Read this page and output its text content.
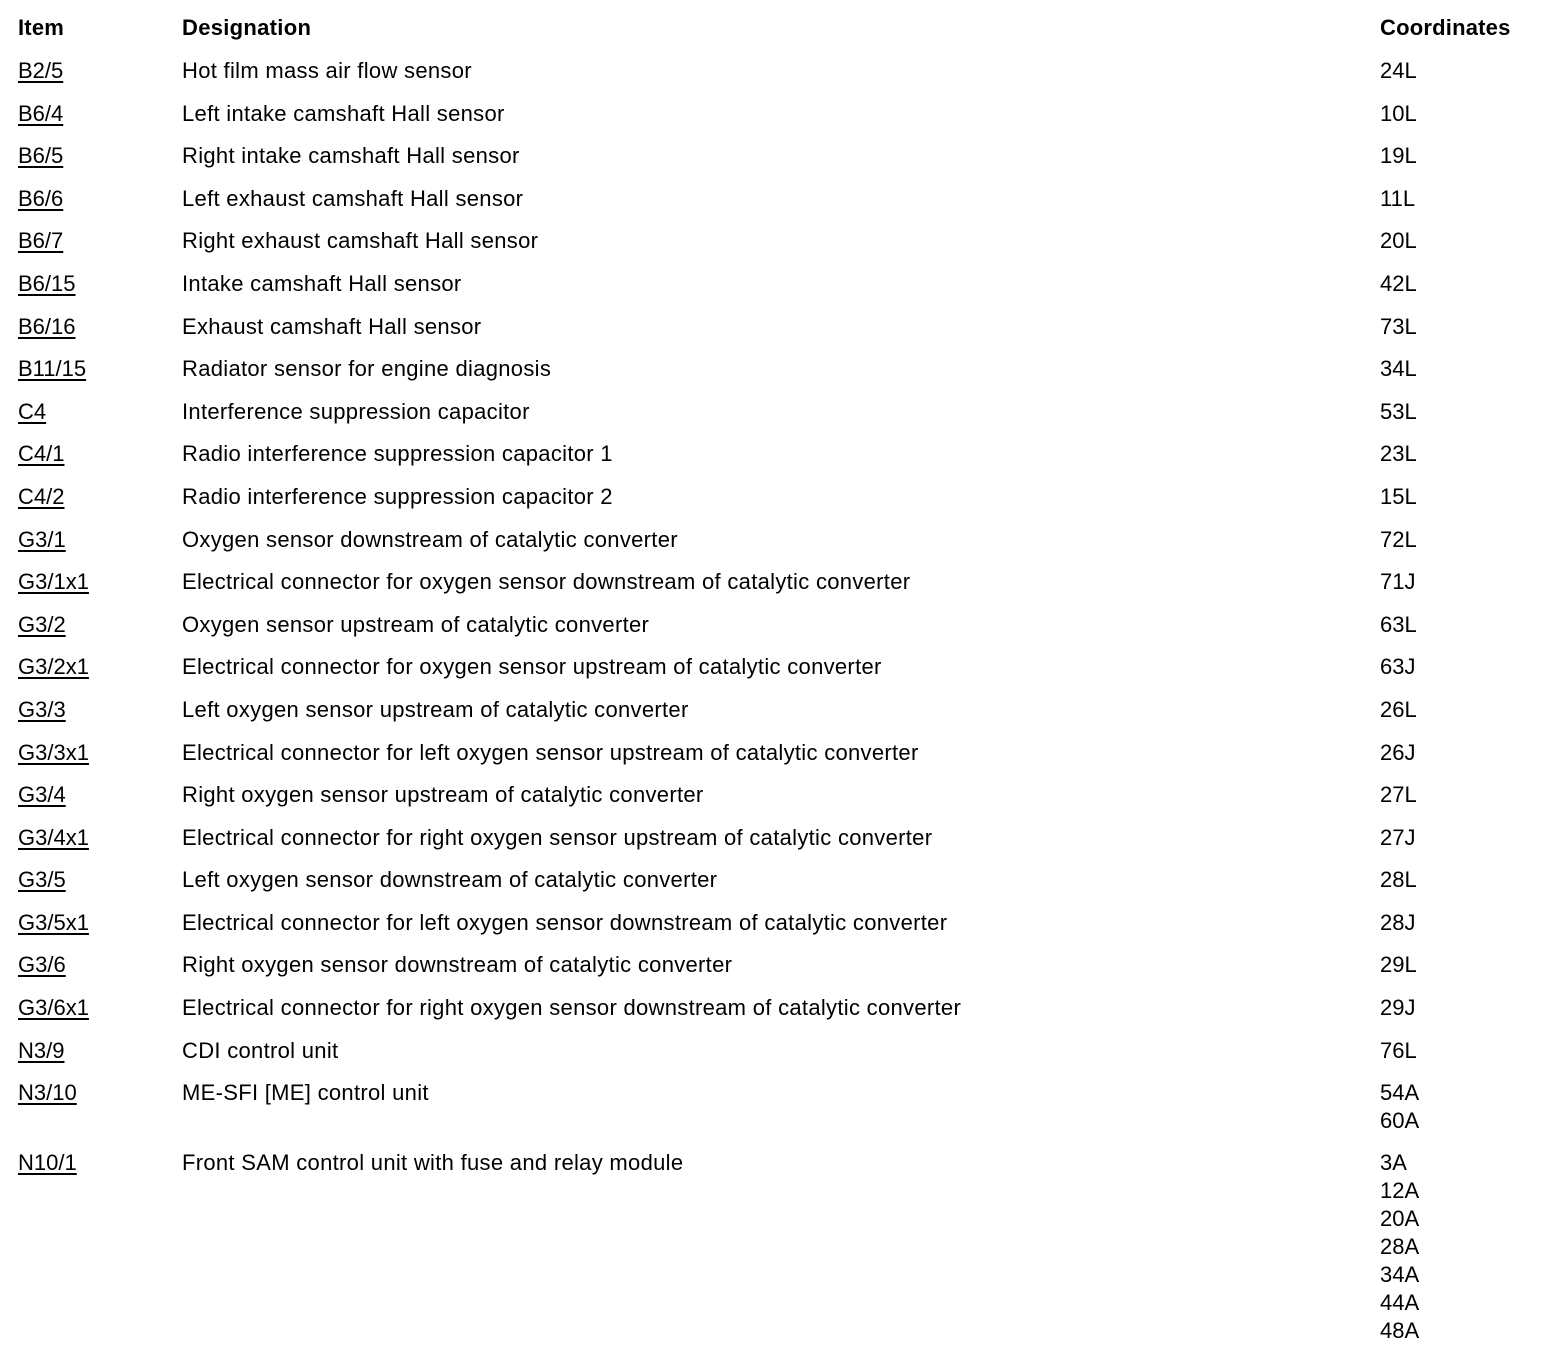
Item	Designation	Coordinates
B2/5	Hot film mass air flow sensor	24L
B6/4	Left intake camshaft Hall sensor	10L
B6/5	Right intake camshaft Hall sensor	19L
B6/6	Left exhaust camshaft Hall sensor	11L
B6/7	Right exhaust camshaft Hall sensor	20L
B6/15	Intake camshaft Hall sensor	42L
B6/16	Exhaust camshaft Hall sensor	73L
B11/15	Radiator sensor for engine diagnosis	34L
C4	Interference suppression capacitor	53L
C4/1	Radio interference suppression capacitor 1	23L
C4/2	Radio interference suppression capacitor 2	15L
G3/1	Oxygen sensor downstream of catalytic converter	72L
G3/1x1	Electrical connector for oxygen sensor downstream of catalytic converter	71J
G3/2	Oxygen sensor upstream of catalytic converter	63L
G3/2x1	Electrical connector for oxygen sensor upstream of catalytic converter	63J
G3/3	Left oxygen sensor upstream of catalytic converter	26L
G3/3x1	Electrical connector for left oxygen sensor upstream of catalytic converter	26J
G3/4	Right oxygen sensor upstream of catalytic converter	27L
G3/4x1	Electrical connector for right oxygen sensor upstream of catalytic converter	27J
G3/5	Left oxygen sensor downstream of catalytic converter	28L
G3/5x1	Electrical connector for left oxygen sensor downstream of catalytic converter	28J
G3/6	Right oxygen sensor downstream of catalytic converter	29L
G3/6x1	Electrical connector for right oxygen sensor downstream of catalytic converter	29J
N3/9	CDI control unit	76L
N3/10	ME-SFI [ME] control unit	54A
60A
N10/1	Front SAM control unit with fuse and relay module	3A
12A
20A
28A
34A
44A
48A
